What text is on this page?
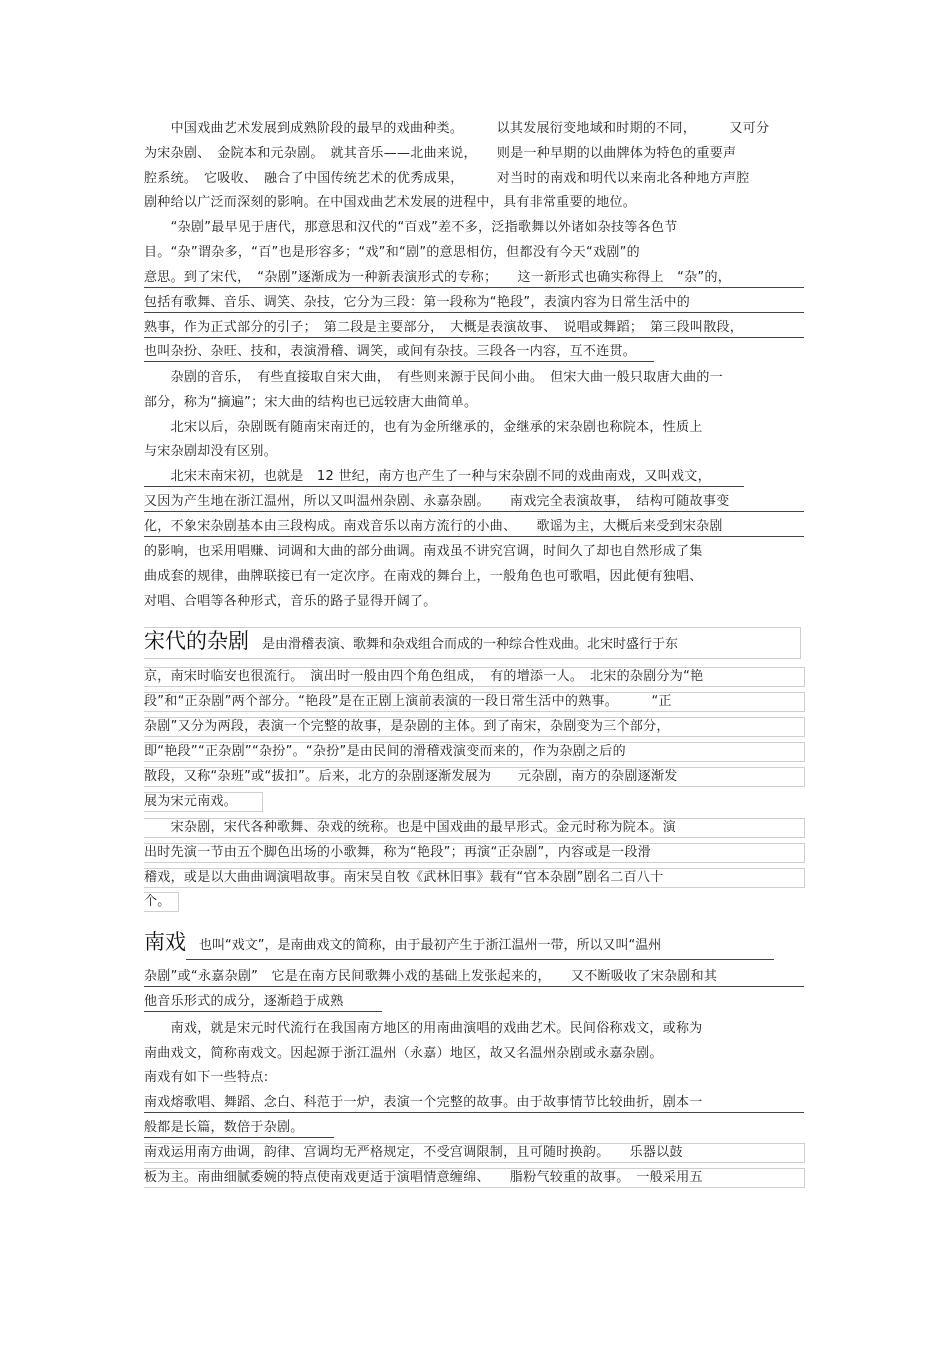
　　中国戏曲艺术发展到成熟阶段的最早的戏曲种类。　　　以其发展衍变地域和时期的不同，　　　又可分
为宋杂剧、　金院本和元杂剧。　就其音乐——北曲来说，　　则是一种早期的以曲牌体为特色的重要声
腔系统。　它吸收、　融合了中国传统艺术的优秀成果，　　　对当时的南戏和明代以来南北各种地方声腔
剧种给以广泛而深刻的影响。在中国戏曲艺术发展的进程中，具有非常重要的地位。
　　“杂剧”最早见于唐代，那意思和汉代的“百戏”差不多，泛指歌舞以外诸如杂技等各色节
目。“杂”谓杂多，“百”也是形容多；“戏”和“剧”的意思相仿，但都没有今天“戏剧”的
意思。到了宋代，　“杂剧”逐渐成为一种新表演形式的专称；　　这一新形式也确实称得上　“杂”的，
包括有歌舞、音乐、调笑、杂技，它分为三段：第一段称为“艳段”，表演内容为日常生活中的
熟事，作为正式部分的引子；　第二段是主要部分，　大概是表演故事、　说唱或舞蹈；　第三段叫散段，
也叫杂扮、杂旺、技和，表演滑稽、调笑，或间有杂技。三段各一内容，互不连贯。
　　杂剧的音乐，　有些直接取自宋大曲，　有些则来源于民间小曲。　但宋大曲一般只取唐大曲的一
部分，称为“摘遍”；宋大曲的结构也已远较唐大曲简单。
　　北宋以后，杂剧既有随南宋南迁的，也有为金所继承的，金继承的宋杂剧也称院本，性质上
与宋杂剧却没有区别。
　　北宋末南宋初，也就是　12 世纪，南方也产生了一种与宋杂剧不同的戏曲南戏，又叫戏文，
又因为产生地在浙江温州，所以又叫温州杂剧、永嘉杂剧。　　南戏完全表演故事，　结构可随故事变
化，不象宋杂剧基本由三段构成。南戏音乐以南方流行的小曲、　　歌谣为主，大概后来受到宋杂剧
的影响，也采用唱赚、词调和大曲的部分曲调。南戏虽不讲究宫调，时间久了却也自然形成了集
曲成套的规律，曲牌联接已有一定次序。在南戏的舞台上，一般角色也可歌唱，因此便有独唱、
对唱、合唱等各种形式，音乐的路子显得开阔了。
宋代的杂剧　是由滑稽表演、歌舞和杂戏组合而成的一种综合性戏曲。北宋时盛行于东
京，南宋时临安也很流行。　演出时一般由四个角色组成，　有的增添一人。　北宋的杂剧分为“艳
段”和“正杂剧”两个部分。“艳段”是在正剧上演前表演的一段日常生活中的熟事。　　　“正
杂剧”又分为两段，表演一个完整的故事，是杂剧的主体。到了南宋，杂剧变为三个部分，
即“艳段”“正杂剧”“杂扮”。“杂扮”是由民间的滑稽戏演变而来的，作为杂剧之后的
散段，又称“杂班”或“拔扣”。后来，北方的杂剧逐渐发展为　　元杂剧，南方的杂剧逐渐发
展为宋元南戏。
　　宋杂剧，宋代各种歌舞、杂戏的统称。也是中国戏曲的最早形式。金元时称为院本。演
出时先演一节由五个脚色出场的小歌舞，称为“艳段”；再演“正杂剧”，内容或是一段滑
稽戏，或是以大曲曲调演唱故事。南宋吴自牧《武林旧事》载有“官本杂剧”剧名二百八十
个。
南戏　也叫“戏文”，是南曲戏文的简称，由于最初产生于浙江温州一带，所以又叫“温州
杂剧”或“永嘉杂剧”　它是在南方民间歌舞小戏的基础上发张起来的，　　又不断吸收了宋杂剧和其
他音乐形式的成分，逐渐趋于成熟
　　南戏，就是宋元时代流行在我国南方地区的用南曲演唱的戏曲艺术。民间俗称戏文，或称为
南曲戏文，简称南戏文。因起源于浙江温州（永嘉）地区，故又名温州杂剧或永嘉杂剧。
南戏有如下一些特点:
南戏熔歌唱、舞蹈、念白、科范于一炉，表演一个完整的故事。由于故事情节比较曲折，剧本一
般都是长篇，数倍于杂剧。
南戏运用南方曲调，韵律、宫调均无严格规定，不受宫调限制，且可随时换韵。　　乐器以鼓
板为主。南曲细腻委婉的特点使南戏更适于演唱情意缠绵、　　脂粉气较重的故事。　一般采用五
